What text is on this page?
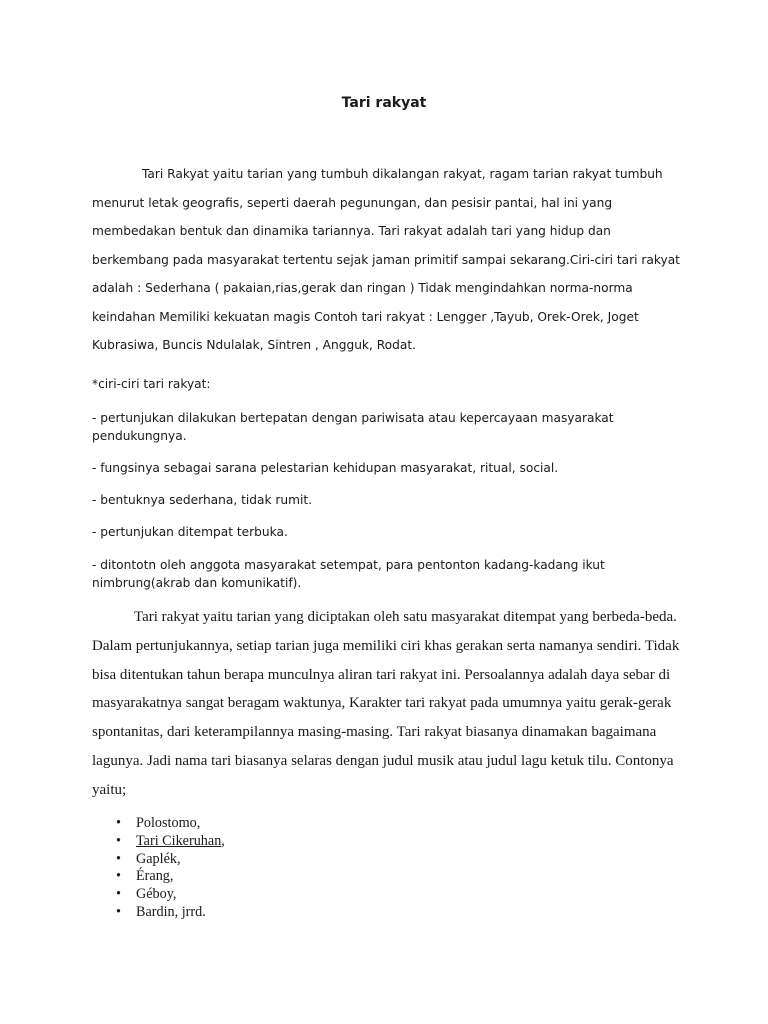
Tari rakyat

Tari Rakyat yaitu tarian yang tumbuh dikalangan rakyat, ragam tarian rakyat tumbuh menurut letak geografis, seperti daerah pegunungan, dan pesisir pantai, hal ini yang membedakan bentuk dan dinamika tariannya. Tari rakyat adalah tari yang hidup dan berkembang pada masyarakat tertentu sejak jaman primitif sampai sekarang.Ciri-ciri tari rakyat adalah : Sederhana ( pakaian,rias,gerak dan ringan ) Tidak mengindahkan norma-norma keindahan Memiliki kekuatan magis Contoh tari rakyat : Lengger ,Tayub, Orek-Orek, Joget Kubrasiwa, Buncis Ndulalak, Sintren , Angguk, Rodat.

*ciri-ciri tari rakyat:
- pertunjukan dilakukan bertepatan dengan pariwisata atau kepercayaan masyarakat pendukungnya.
- fungsinya sebagai sarana pelestarian kehidupan masyarakat, ritual, social.
- bentuknya sederhana, tidak rumit.
- pertunjukan ditempat terbuka.
- ditontotn oleh anggota masyarakat setempat, para pentonton kadang-kadang ikut nimbrung(akrab dan komunikatif).

Tari rakyat yaitu tarian yang diciptakan oleh satu masyarakat ditempat yang berbeda-beda. Dalam pertunjukannya, setiap tarian juga memiliki ciri khas gerakan serta namanya sendiri. Tidak bisa ditentukan tahun berapa munculnya aliran tari rakyat ini. Persoalannya adalah daya sebar di masyarakatnya sangat beragam waktunya, Karakter tari rakyat pada umumnya yaitu gerak-gerak spontanitas, dari keterampilannya masing-masing. Tari rakyat biasanya dinamakan bagaimana lagunya. Jadi nama tari biasanya selaras dengan judul musik atau judul lagu ketuk tilu. Contonya yaitu;

• Polostomo,
• Tari Cikeruhan,
• Gaplék,
• Érang,
• Géboy,
• Bardin, jrrd.
